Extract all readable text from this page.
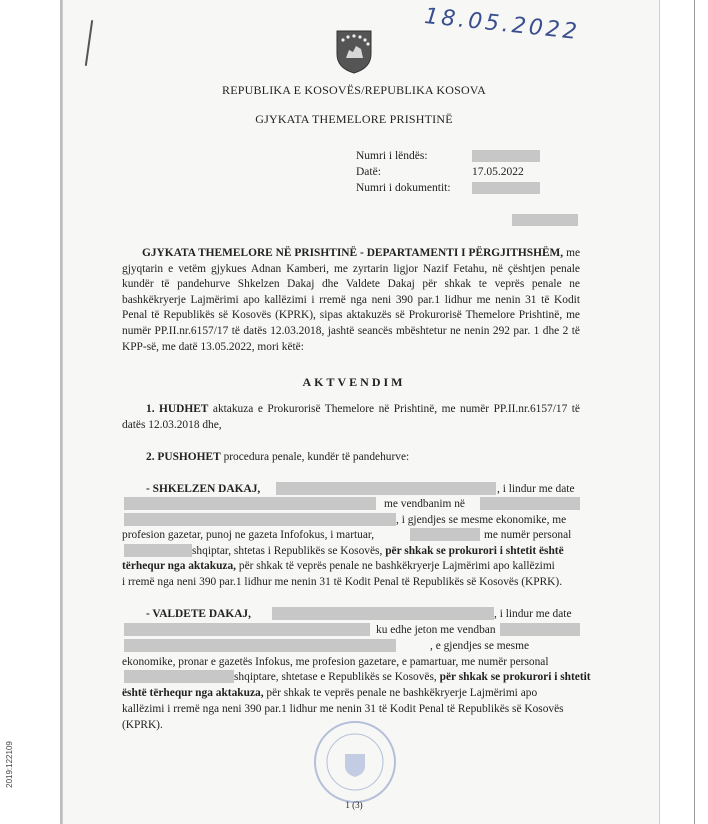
18.05.2022
REPUBLIKA E KOSOVËS/REPUBLIKA KOSOVA
GJYKATA THEMELORE PRISHTINË
Numri i lëndës:
Datë:	17.05.2022
Numri i dokumentit:
GJYKATA THEMELORE NË PRISHTINË - DEPARTAMENTI I PËRGJITHSHËM, me gjyqtarin e vetëm gjykues Adnan Kamberi, me zyrtarin ligjor Nazif Fetahu, në çështjen penale kundër të pandehurve Shkelzen Dakaj dhe Valdete Dakaj për shkak te veprës penale ne bashkëkryerje Lajmërimi apo kallëzimi i rremë nga neni 390 par.1 lidhur me nenin 31 të Kodit Penal të Republikës së Kosovës (KPRK), sipas aktakuzës së Prokurorisë Themelore Prishtinë, me numër PP.II.nr.6157/17 të datës 12.03.2018, jashtë seancës mbështetur ne nenin 292 par. 1 dhe 2 të KPP-së, me datë 13.05.2022, mori këtë:
AKTVENDIM
1. HUDHET aktakuza e Prokurorisë Themelore në Prishtinë, me numër PP.II.nr.6157/17 të datës 12.03.2018 dhe,
2. PUSHOHET procedura penale, kundër të pandehurve:
- SHKELZEN DAKAJ,	, i lindur me date
me vendbanim në
, i gjendjes se mesme ekonomike, me
profesion gazetar, punoj ne gazeta Infofokus, i martuar,	me numër personal
shqiptar, shtetas i Republikës se Kosovës, për shkak se prokurori i shtetit është
tërhequr nga aktakuza, për shkak të veprës penale ne bashkëkryerje Lajmërimi apo kallëzimi
i rremë nga neni 390 par.1 lidhur me nenin 31 të Kodit Penal të Republikës së Kosovës (KPRK).
- VALDETE DAKAJ,	, i lindur me date
ku edhe jeton me vendban
, e gjendjes se mesme
ekonomike, pronar e gazetës Infokus, me profesion gazetare, e pamartuar, me numër personal
shqiptare, shtetase e Republikës se Kosovës, për shkak se prokurori i shtetit
është tërhequr nga aktakuza, për shkak te veprës penale ne bashkëkryerje Lajmërimi apo
kallëzimi i rremë nga neni 390 par.1 lidhur me nenin 31 të Kodit Penal të Republikës së Kosovës
(KPRK).
1 (3)
2019:122109
